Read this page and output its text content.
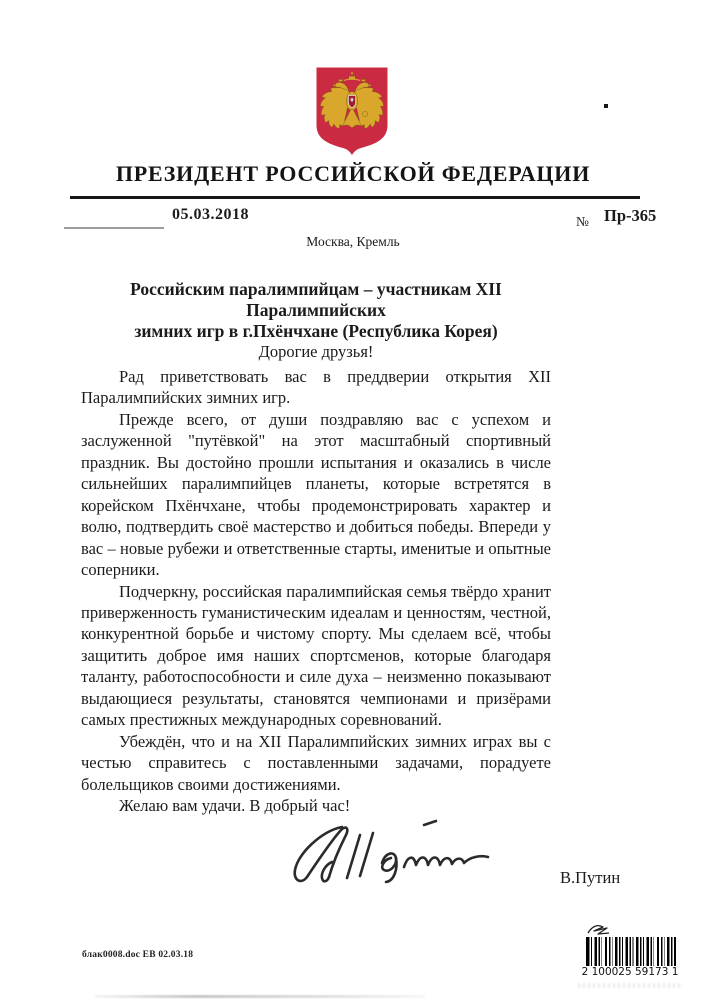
ПРЕЗИДЕНТ РОССИЙСКОЙ ФЕДЕРАЦИИ
05.03.2018	№ Пр-365
Москва, Кремль
Российским паралимпийцам – участникам XII Паралимпийских
зимних игр в г.Пхёнчхане (Республика Корея)
Дорогие друзья!

Рад приветствовать вас в преддверии открытия XII Паралимпийских зимних игр.

Прежде всего, от души поздравляю вас с успехом и заслуженной "путёвкой" на этот масштабный спортивный праздник. Вы достойно прошли испытания и оказались в числе сильнейших паралимпийцев планеты, которые встретятся в корейском Пхёнчхане, чтобы продемонстрировать характер и волю, подтвердить своё мастерство и добиться победы. Впереди у вас – новые рубежи и ответственные старты, именитые и опытные соперники.

Подчеркну, российская паралимпийская семья твёрдо хранит приверженность гуманистическим идеалам и ценностям, честной, конкурентной борьбе и чистому спорту. Мы сделаем всё, чтобы защитить доброе имя наших спортсменов, которые благодаря таланту, работоспособности и силе духа – неизменно показывают выдающиеся результаты, становятся чемпионами и призёрами самых престижных международных соревнований.

Убеждён, что и на XII Паралимпийских зимних играх вы с честью справитесь с поставленными задачами, порадуете болельщиков своими достижениями.

Желаю вам удачи. В добрый час!

В.Путин
блак0008.doc ЕВ 02.03.18
2 100025 59173 1
